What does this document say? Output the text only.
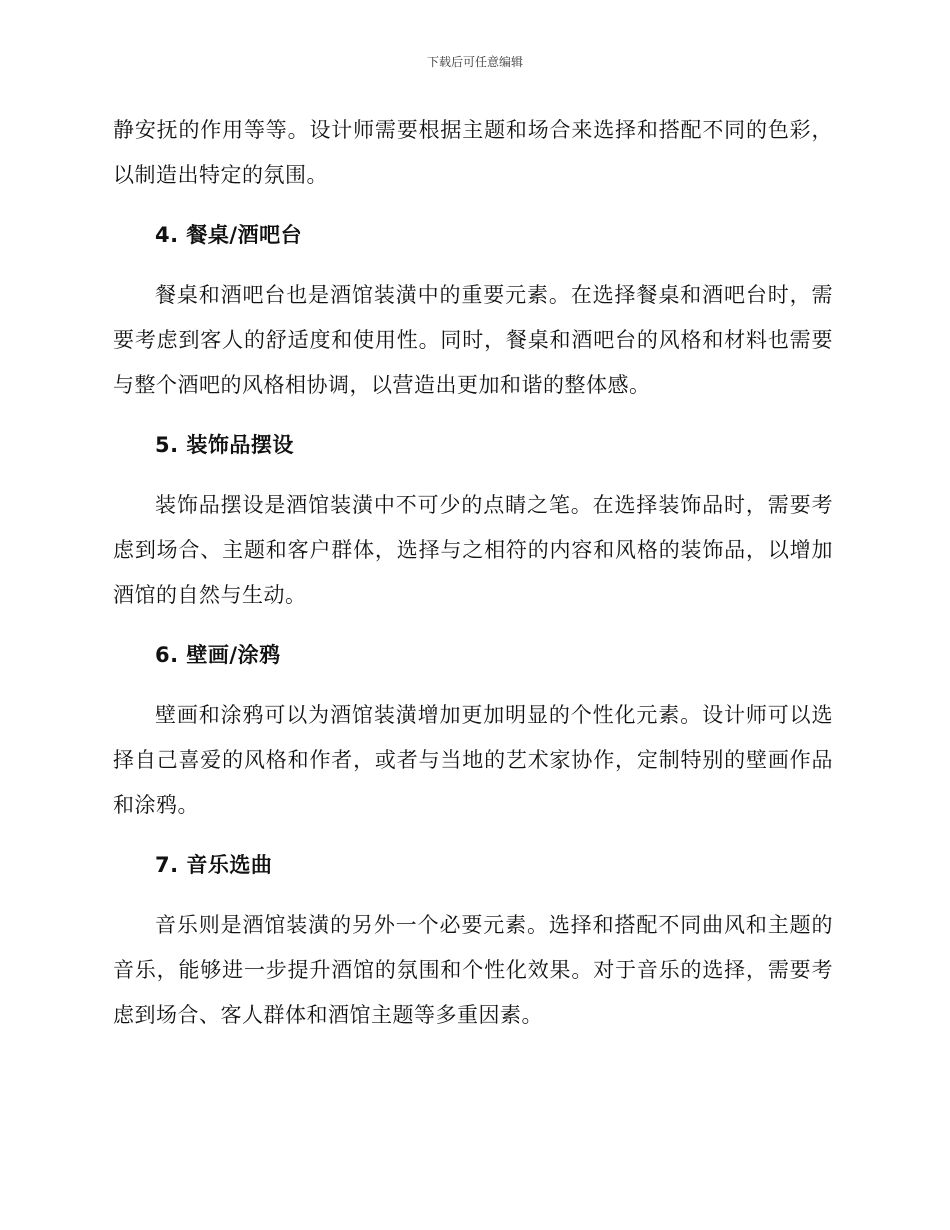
下载后可任意编辑

静安抚的作用等等。设计师需要根据主题和场合来选择和搭配不同的色彩，以制造出特定的氛围。

4. 餐桌/酒吧台

餐桌和酒吧台也是酒馆装潢中的重要元素。在选择餐桌和酒吧台时，需要考虑到客人的舒适度和使用性。同时，餐桌和酒吧台的风格和材料也需要与整个酒吧的风格相协调，以营造出更加和谐的整体感。

5. 装饰品摆设

装饰品摆设是酒馆装潢中不可少的点睛之笔。在选择装饰品时，需要考虑到场合、主题和客户群体，选择与之相符的内容和风格的装饰品，以增加酒馆的自然与生动。

6. 壁画/涂鸦

壁画和涂鸦可以为酒馆装潢增加更加明显的个性化元素。设计师可以选择自己喜爱的风格和作者，或者与当地的艺术家协作，定制特别的壁画作品和涂鸦。

7. 音乐选曲

音乐则是酒馆装潢的另外一个必要元素。选择和搭配不同曲风和主题的音乐，能够进一步提升酒馆的氛围和个性化效果。对于音乐的选择，需要考虑到场合、客人群体和酒馆主题等多重因素。
